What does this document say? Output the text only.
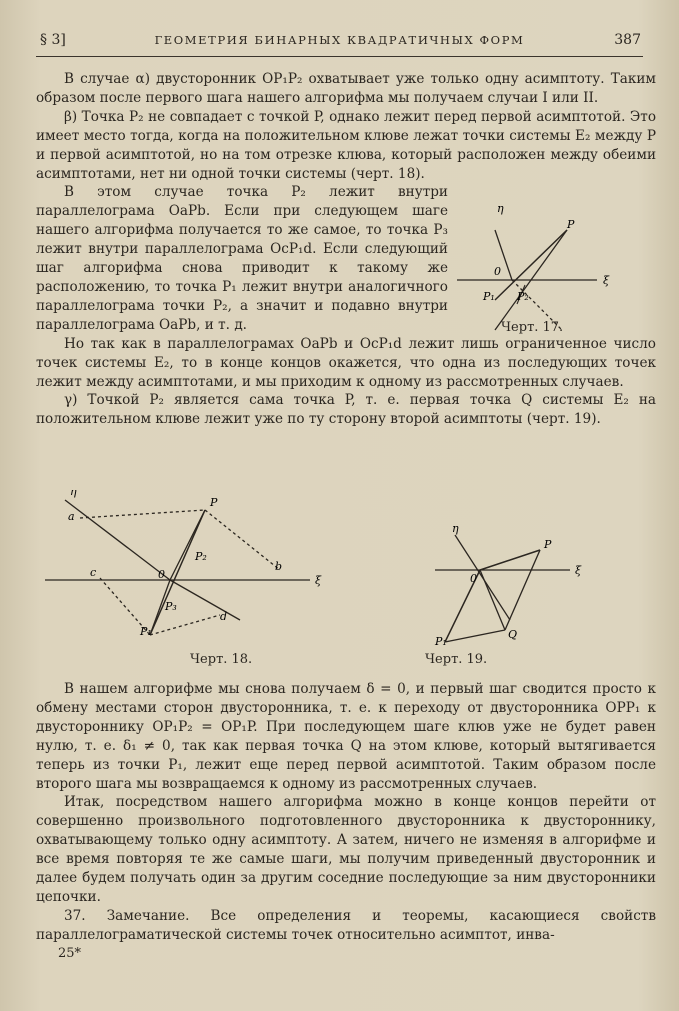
§ 3]	ГЕОМЕТРИЯ БИНАРНЫХ КВАДРАТИЧНЫХ ФОРМ	387

В случае α) двусторонник OP₁P₂ охватывает уже только одну асимптоту. Таким образом после первого шага нашего алгорифма мы получаем случаи I или II.

β) Точка P₂ не совпадает с точкой P, однако лежит перед первой асимптотой. Это имеет место тогда, когда на положительном клюве лежат точки системы E₂ между P и первой асимптотой, но на том отрезке клюва, который расположен между обеими асимптотами, нет ни одной точки системы (черт. 18).

В этом случае точка P₂ лежит внутри параллелограма OaPb. Если при следующем шаге нашего алгорифма получается то же самое, то точка P₃ лежит внутри параллелограма OcP₁d. Если следующий шаг алгорифма снова приводит к такому же расположению, то точка P₁ лежит внутри аналогичного параллелограма точки P₂, а значит и подавно внутри параллелограма OaPb, и т. д.

Но так как в параллелограмах OaPb и OcP₁d лежит лишь ограниченное число точек системы E₂, то в конце концов окажется, что одна из последующих точек лежит между асимптотами, и мы приходим к одному из рассмотренных случаев.

γ) Точкой P₂ является сама точка P, т. е. первая точка Q системы E₂ на положительном клюве лежит уже по ту сторону второй асимптоты (черт. 19).

η
ξ
0
P
P₁ P₂
Черт. 17.
η
ξ
0
a
b
c
d
P
P₁
P₂
P₃
Черт. 18.
η
ξ
0
P
P₁
Q
Черт. 19.

В нашем алгорифме мы снова получаем δ = 0, и первый шаг сводится просто к обмену местами сторон двусторонника, т. е. к переходу от двусторонника OPP₁ к двустороннику OP₁P₂ = OP₁P. При последующем шаге клюв уже не будет равен нулю, т. е. δ₁ ≠ 0, так как первая точка Q на этом клюве, который вытягивается теперь из точки P₁, лежит еще перед первой асимптотой. Таким образом после второго шага мы возвращаемся к одному из рассмотренных случаев.

Итак, посредством нашего алгорифма можно в конце концов перейти от совершенно произвольного подготовленного двусторонника к двустороннику, охватывающему только одну асимптоту. А затем, ничего не изменяя в алгорифме и все время повторяя те же самые шаги, мы получим приведенный двусторонник и далее будем получать один за другим соседние последующие за ним двусторонники цепочки.

37. Замечание. Все определения и теоремы, касающиеся свойств параллелограматической системы точек относительно асимптот, инва-

25*
